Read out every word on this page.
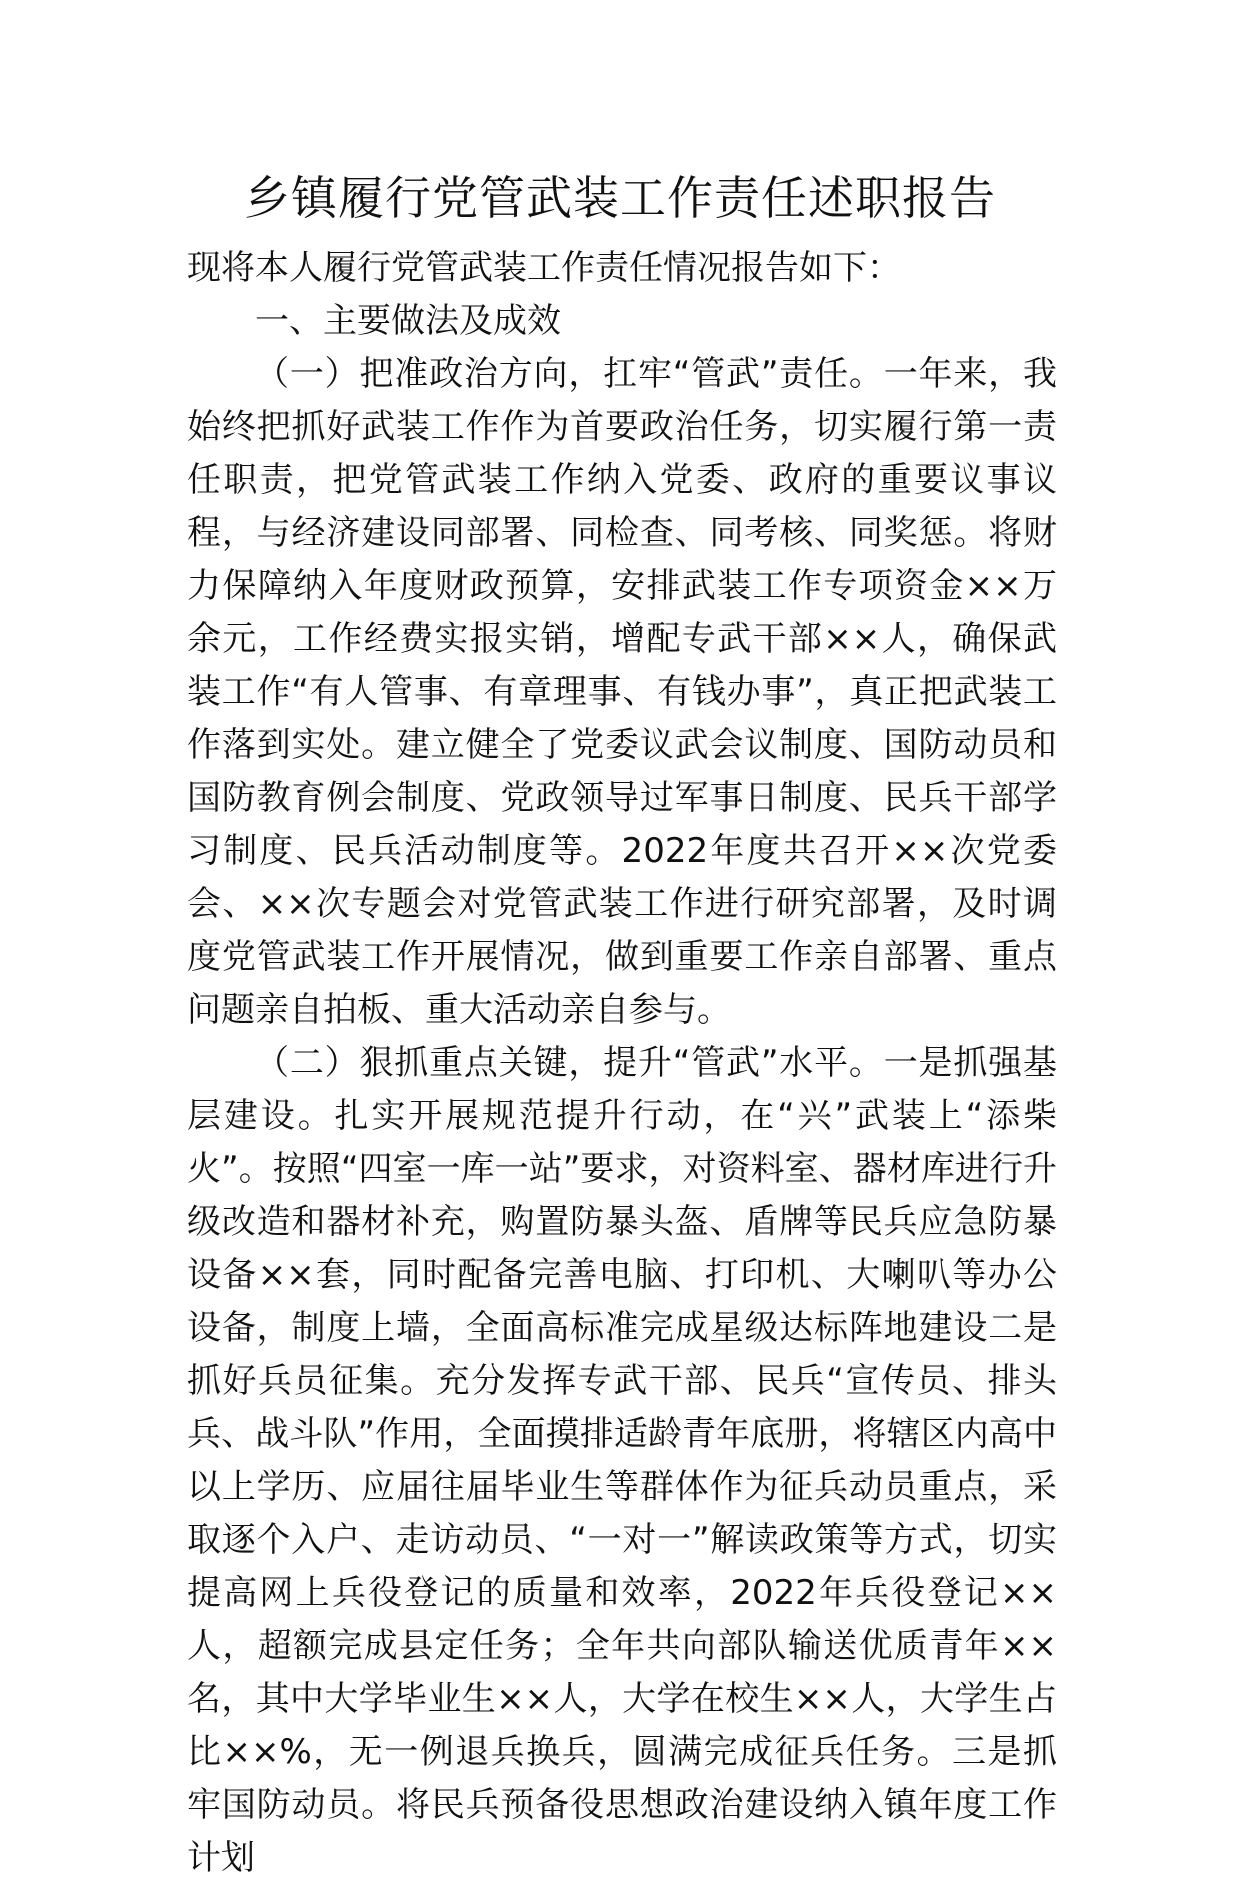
乡镇履行党管武装工作责任述职报告

现将本人履行党管武装工作责任情况报告如下：

一、主要做法及成效

（一）把准政治方向，扛牢“管武”责任。一年来，我始终把抓好武装工作作为首要政治任务，切实履行第一责任职责，把党管武装工作纳入党委、政府的重要议事议程，与经济建设同部署、同检查、同考核、同奖惩。将财力保障纳入年度财政预算，安排武装工作专项资金××万余元，工作经费实报实销，增配专武干部××人，确保武装工作“有人管事、有章理事、有钱办事”，真正把武装工作落到实处。建立健全了党委议武会议制度、国防动员和国防教育例会制度、党政领导过军事日制度、民兵干部学习制度、民兵活动制度等。2022年度共召开××次党委会、××次专题会对党管武装工作进行研究部署，及时调度党管武装工作开展情况，做到重要工作亲自部署、重点问题亲自拍板、重大活动亲自参与。

（二）狠抓重点关键，提升“管武”水平。一是抓强基层建设。扎实开展规范提升行动，在“兴”武装上“添柴火”。按照“四室一库一站”要求，对资料室、器材库进行升级改造和器材补充，购置防暴头盔、盾牌等民兵应急防暴设备××套，同时配备完善电脑、打印机、大喇叭等办公设备，制度上墙，全面高标准完成星级达标阵地建设二是抓好兵员征集。充分发挥专武干部、民兵“宣传员、排头兵、战斗队”作用，全面摸排适龄青年底册，将辖区内高中以上学历、应届往届毕业生等群体作为征兵动员重点，采取逐个入户、走访动员、“一对一”解读政策等方式，切实提高网上兵役登记的质量和效率，2022年兵役登记××人，超额完成县定任务；全年共向部队输送优质青年××名，其中大学毕业生××人，大学在校生××人，大学生占比××%，无一例退兵换兵，圆满完成征兵任务。三是抓牢国防动员。将民兵预备役思想政治建设纳入镇年度工作计划
